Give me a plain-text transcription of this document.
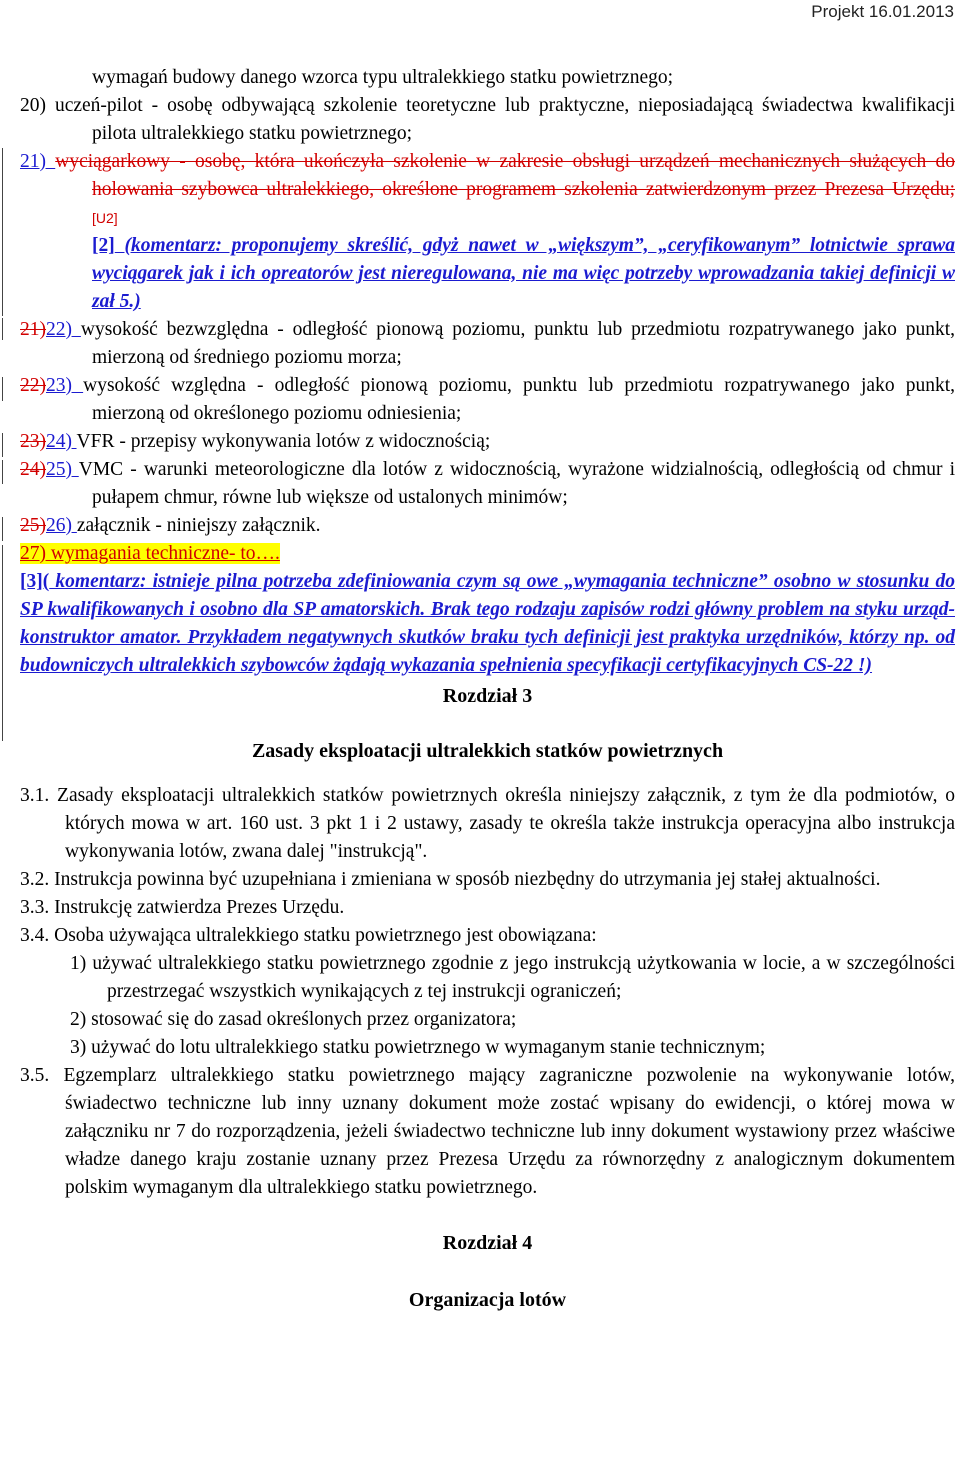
Projekt 16.01.2013

wymagań budowy danego wzorca typu ultralekkiego statku powietrznego;

20) uczeń-pilot - osobę odbywającą szkolenie teoretyczne lub praktyczne, nieposiadającą świadectwa kwalifikacji pilota ultralekkiego statku powietrznego;

21) wyciągarkowy - osobę, która ukończyła szkolenie w zakresie obsługi urządzeń mechanicznych służących do holowania szybowca ultralekkiego, określone programem szkolenia zatwierdzonym przez Prezesa Urzędu; [U2]

[2] (komentarz: proponujemy skreślić, gdyż nawet w „większym”, „ceryfikowanym” lotnictwie sprawa wyciągarek jak i ich opreatorów jest nieregulowana, nie ma więc potrzeby wprowadzania takiej definicji w zał 5.)

21)22) wysokość bezwzględna - odległość pionową poziomu, punktu lub przedmiotu rozpatrywanego jako punkt, mierzoną od średniego poziomu morza;

22)23) wysokość względna - odległość pionową poziomu, punktu lub przedmiotu rozpatrywanego jako punkt, mierzoną od określonego poziomu odniesienia;

23)24) VFR - przepisy wykonywania lotów z widocznością;

24)25) VMC - warunki meteorologiczne dla lotów z widocznością, wyrażone widzialnością, odległością od chmur i pułapem chmur, równe lub większe od ustalonych minimów;

25)26) załącznik - niniejszy załącznik.

27) wymagania techniczne- to….

[3]( komentarz: istnieje pilna potrzeba zdefiniowania czym są owe „wymagania techniczne” osobno w stosunku do SP kwalifikowanych i osobno dla SP amatorskich. Brak tego rodzaju zapisów rodzi główny problem na styku urząd- konstruktor amator. Przykładem negatywnych skutków braku tych definicji jest praktyka urzędników, którzy np. od budowniczych ultralekkich szybowców żądają wykazania spełnienia specyfikacji certyfikacyjnych CS-22 !)

Rozdział 3

Zasady eksploatacji ultralekkich statków powietrznych

3.1. Zasady eksploatacji ultralekkich statków powietrznych określa niniejszy załącznik, z tym że dla podmiotów, o których mowa w art. 160 ust. 3 pkt 1 i 2 ustawy, zasady te określa także instrukcja operacyjna albo instrukcja wykonywania lotów, zwana dalej "instrukcją".

3.2. Instrukcja powinna być uzupełniana i zmieniana w sposób niezbędny do utrzymania jej stałej aktualności.

3.3. Instrukcję zatwierdza Prezes Urzędu.

3.4. Osoba używająca ultralekkiego statku powietrznego jest obowiązana:

1) używać ultralekkiego statku powietrznego zgodnie z jego instrukcją użytkowania w locie, a w szczególności przestrzegać wszystkich wynikających z tej instrukcji ograniczeń;

2) stosować się do zasad określonych przez organizatora;

3) używać do lotu ultralekkiego statku powietrznego w wymaganym stanie technicznym;

3.5. Egzemplarz ultralekkiego statku powietrznego mający zagraniczne pozwolenie na wykonywanie lotów, świadectwo techniczne lub inny uznany dokument może zostać wpisany do ewidencji, o której mowa w załączniku nr 7 do rozporządzenia, jeżeli świadectwo techniczne lub inny dokument wystawiony przez właściwe władze danego kraju zostanie uznany przez Prezesa Urzędu za równorzędny z analogicznym dokumentem polskim wymaganym dla ultralekkiego statku powietrznego.

Rozdział 4

Organizacja lotów
